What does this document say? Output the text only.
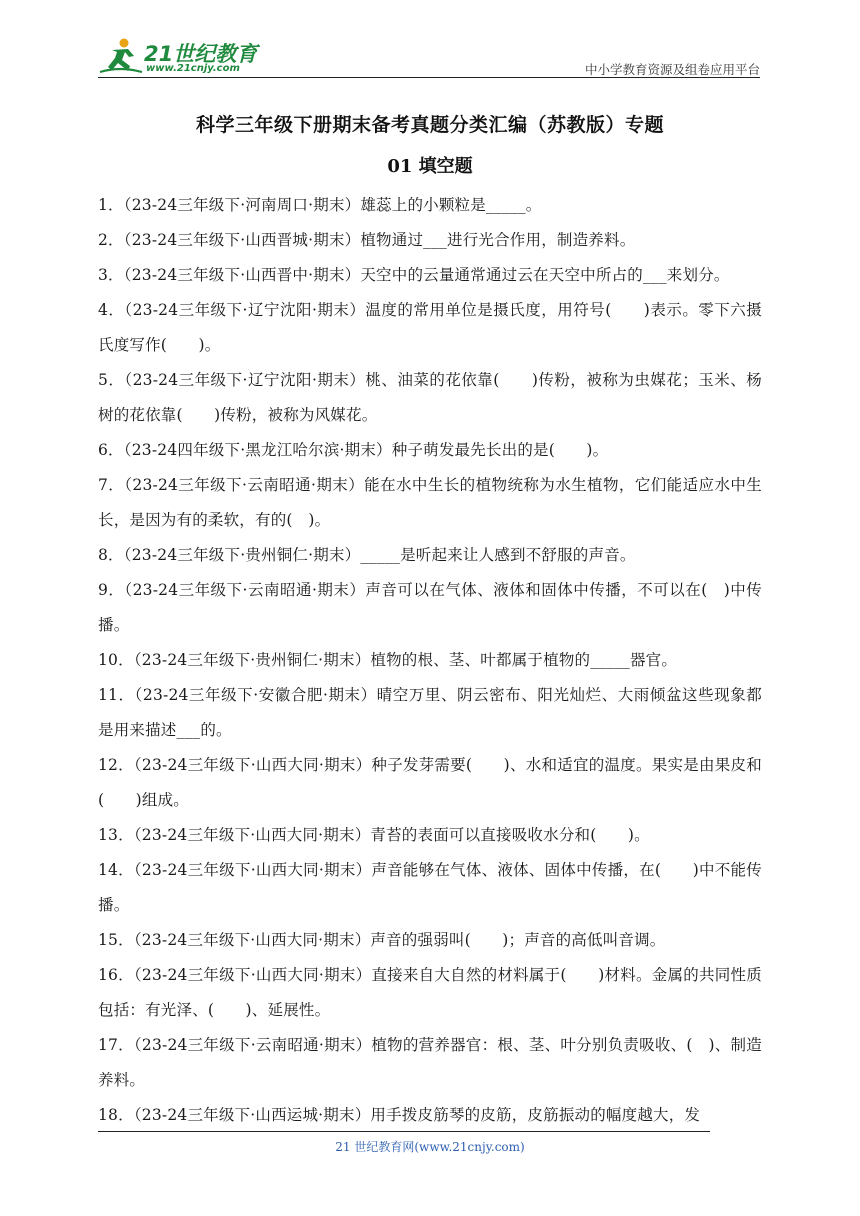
21世纪教育
www.21cnjy.com	中小学教育资源及组卷应用平台
科学三年级下册期末备考真题分类汇编（苏教版）专题
01 填空题

1．（23-24三年级下·河南周口·期末）雄蕊上的小颗粒是_____。

2．（23-24三年级下·山西晋城·期末）植物通过___进行光合作用，制造养料。

3．（23-24三年级下·山西晋中·期末）天空中的云量通常通过云在天空中所占的___来划分。

4．（23-24三年级下·辽宁沈阳·期末）温度的常用单位是摄氏度，用符号(　　)表示。零下六摄氏度写作(　　)。

5．（23-24三年级下·辽宁沈阳·期末）桃、油菜的花依靠(　　)传粉，被称为虫媒花；玉米、杨树的花依靠(　　)传粉，被称为风媒花。

6．（23-24四年级下·黑龙江哈尔滨·期末）种子萌发最先长出的是(　　)。

7．（23-24三年级下·云南昭通·期末）能在水中生长的植物统称为水生植物，它们能适应水中生长，是因为有的柔软，有的(　)。

8．（23-24三年级下·贵州铜仁·期末）_____是听起来让人感到不舒服的声音。

9．（23-24三年级下·云南昭通·期末）声音可以在气体、液体和固体中传播，不可以在(　)中传播。

10．（23-24三年级下·贵州铜仁·期末）植物的根、茎、叶都属于植物的_____器官。

11．（23-24三年级下·安徽合肥·期末）晴空万里、阴云密布、阳光灿烂、大雨倾盆这些现象都是用来描述___的。

12．（23-24三年级下·山西大同·期末）种子发芽需要(　　)、水和适宜的温度。果实是由果皮和(　　)组成。

13．（23-24三年级下·山西大同·期末）青苔的表面可以直接吸收水分和(　　)。

14．（23-24三年级下·山西大同·期末）声音能够在气体、液体、固体中传播，在(　　)中不能传播。

15．（23-24三年级下·山西大同·期末）声音的强弱叫(　　)；声音的高低叫音调。

16．（23-24三年级下·山西大同·期末）直接来自大自然的材料属于(　　)材料。金属的共同性质包括：有光泽、(　　)、延展性。

17．（23-24三年级下·云南昭通·期末）植物的营养器官：根、茎、叶分别负责吸收、(　)、制造养料。

18．（23-24三年级下·山西运城·期末）用手拨皮筋琴的皮筋，皮筋振动的幅度越大，发

21 世纪教育网(www.21cnjy.com)
